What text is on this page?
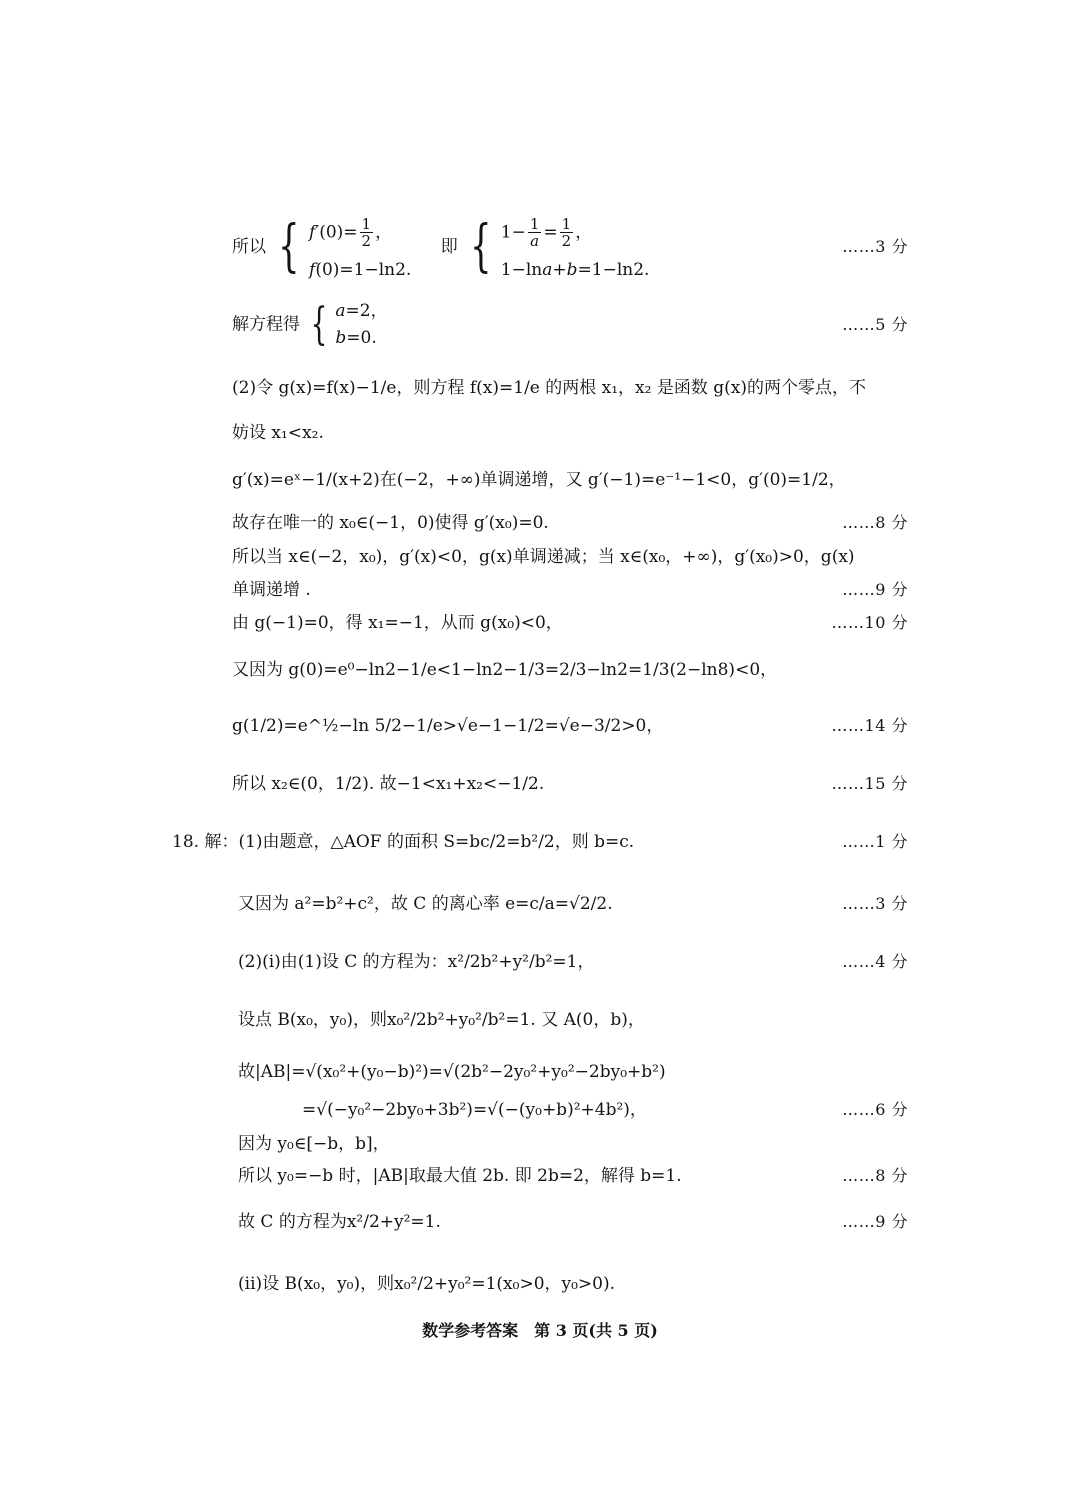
所以 { $f'(0)= \frac{1}{2}$ ，
f(0)=1−ln2.
即 { $1- \frac{1}{a} = \frac{1}{2}$ ，
1−lna+b=1−ln2.
……3 分
解方程得 { a=2，
b=0.
……5 分
(2)令 g(x)=f(x)−1/e，则方程 f(x)=1/e 的两根 x₁，x₂ 是函数 g(x)的两个零点，不
妨设 x₁<x₂.
g′(x)=eˣ−1/(x+2)在(−2，+∞)单调递增，又 g′(−1)=e⁻¹−1<0，g′(0)=1/2，
故存在唯一的 x₀∈(−1，0)使得 g′(x₀)=0.	……8 分
所以当 x∈(−2，x₀)，g′(x)<0，g(x)单调递减；当 x∈(x₀，+∞)，g′(x₀)>0，g(x)
单调递增 .	……9 分
由 g(−1)=0，得 x₁=−1，从而 g(x₀)<0，	……10 分
又因为 g(0)=e⁰−ln2−1/e<1−ln2−1/3=2/3−ln2=1/3(2−ln8)<0，
g(1/2)=e^½−ln 5/2−1/e>√e−1−1/2=√e−3/2>0，	……14 分
所以 x₂∈(0，1/2). 故−1<x₁+x₂<−1/2.	……15 分
18. 解：(1)由题意，△AOF 的面积 S=bc/2=b²/2，则 b=c.	……1 分
又因为 a²=b²+c²，故 C 的离心率 e=c/a=√2/2.	……3 分
(2)(i)由(1)设 C 的方程为：x²/2b²+y²/b²=1，	……4 分
设点 B(x₀，y₀)，则x₀²/2b²+y₀²/b²=1. 又 A(0，b)，
故|AB|=√(x₀²+(y₀−b)²)=√(2b²−2y₀²+y₀²−2by₀+b²)
=√(−y₀²−2by₀+3b²)=√(−(y₀+b)²+4b²)，	……6 分
因为 y₀∈[−b，b]，
所以 y₀=−b 时，|AB|取最大值 2b. 即 2b=2，解得 b=1.	……8 分
故 C 的方程为x²/2+y²=1.	……9 分
(ii)设 B(x₀，y₀)，则x₀²/2+y₀²=1(x₀>0，y₀>0).
数学参考答案　第 3 页(共 5 页)
